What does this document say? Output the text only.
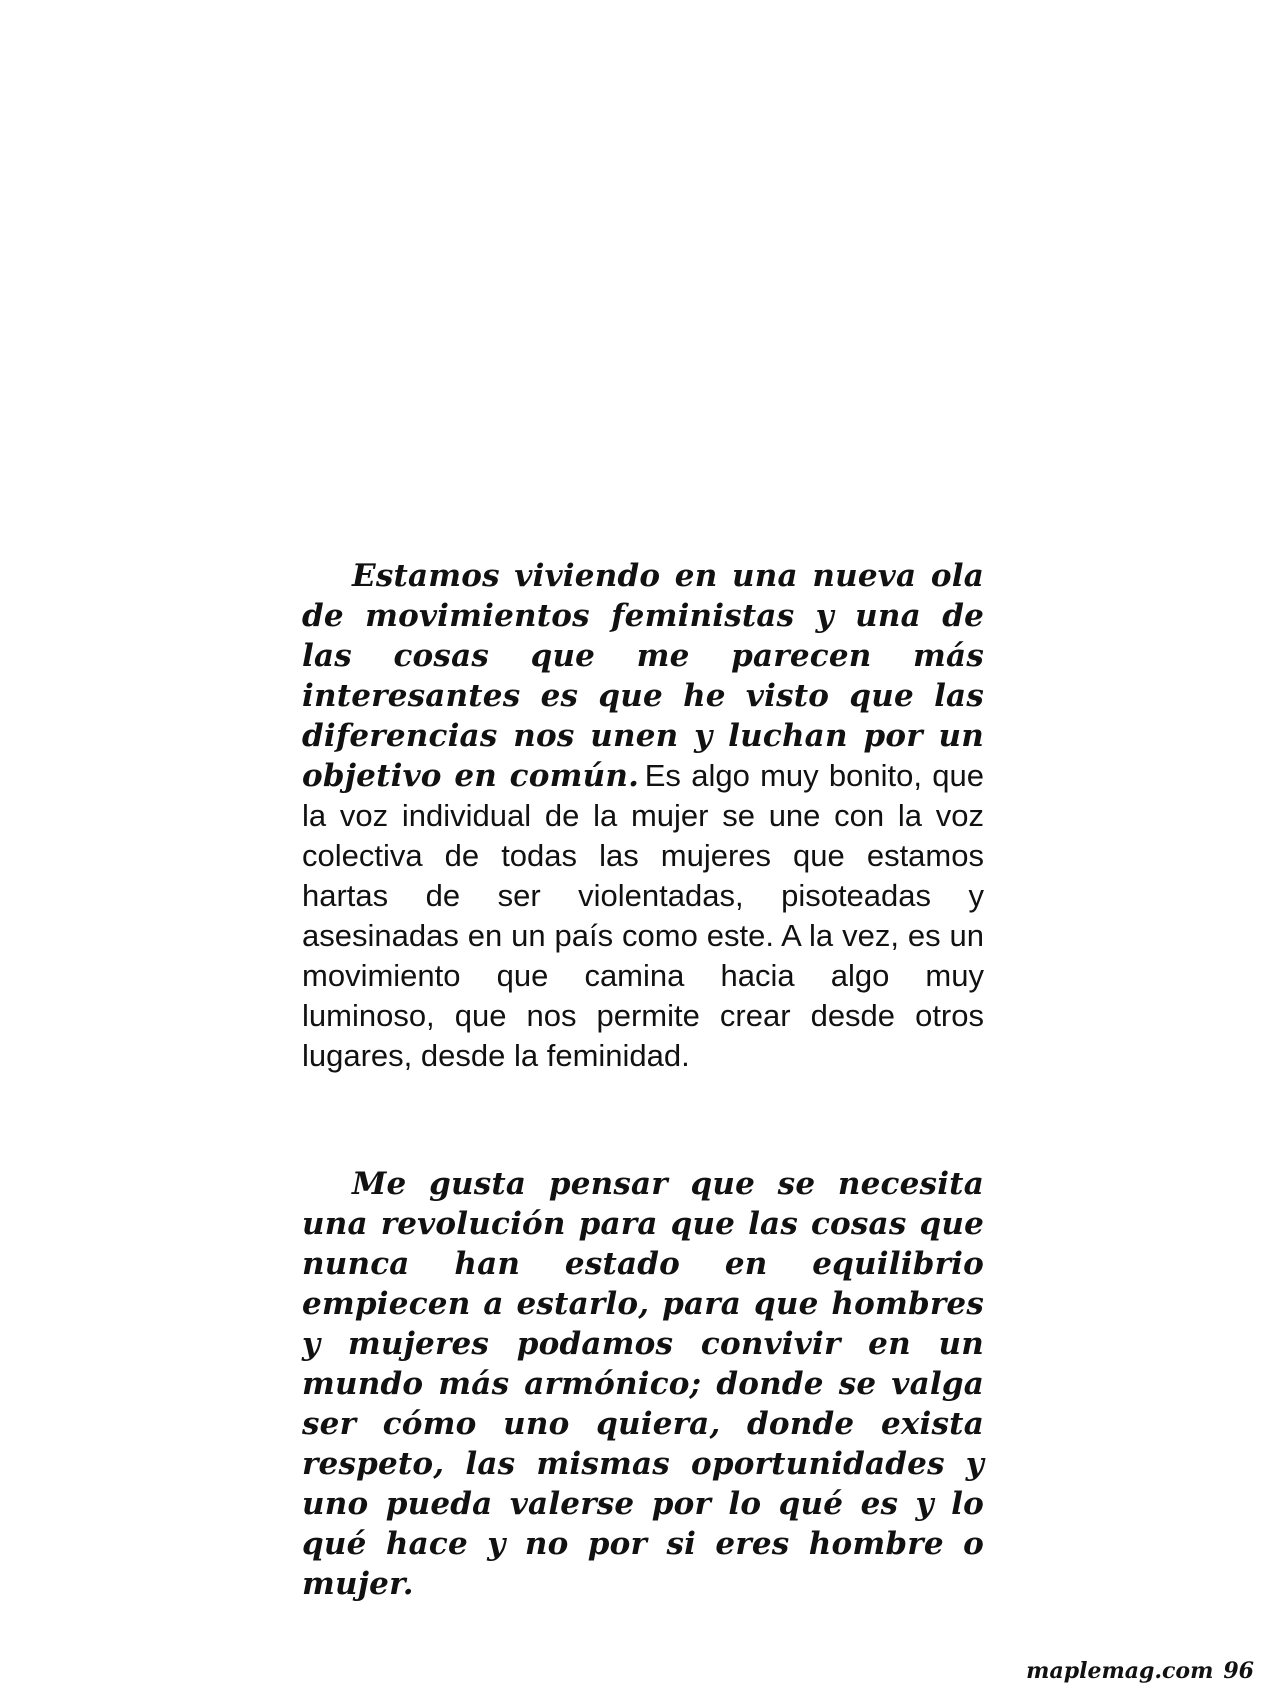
Estamos viviendo en una nueva ola de movimientos feministas y una de las cosas que me parecen más interesantes es que he visto que las diferencias nos unen y luchan por un objetivo en común. Es algo muy bonito, que la voz individual de la mujer se une con la voz colectiva de todas las mujeres que estamos hartas de ser violentadas, pisoteadas y asesinadas en un país como este. A la vez, es un movimiento que camina hacia algo muy luminoso, que nos permite crear desde otros lugares, desde la feminidad.

Me gusta pensar que se necesita una revolución para que las cosas que nunca han estado en equilibrio empiecen a estarlo, para que hombres y mujeres podamos convivir en un mundo más armónico; donde se valga ser cómo uno quiera, donde exista respeto, las mismas oportunidades y uno pueda valerse por lo qué es y lo qué hace y no por si eres hombre o mujer.

maplemag.com 96
